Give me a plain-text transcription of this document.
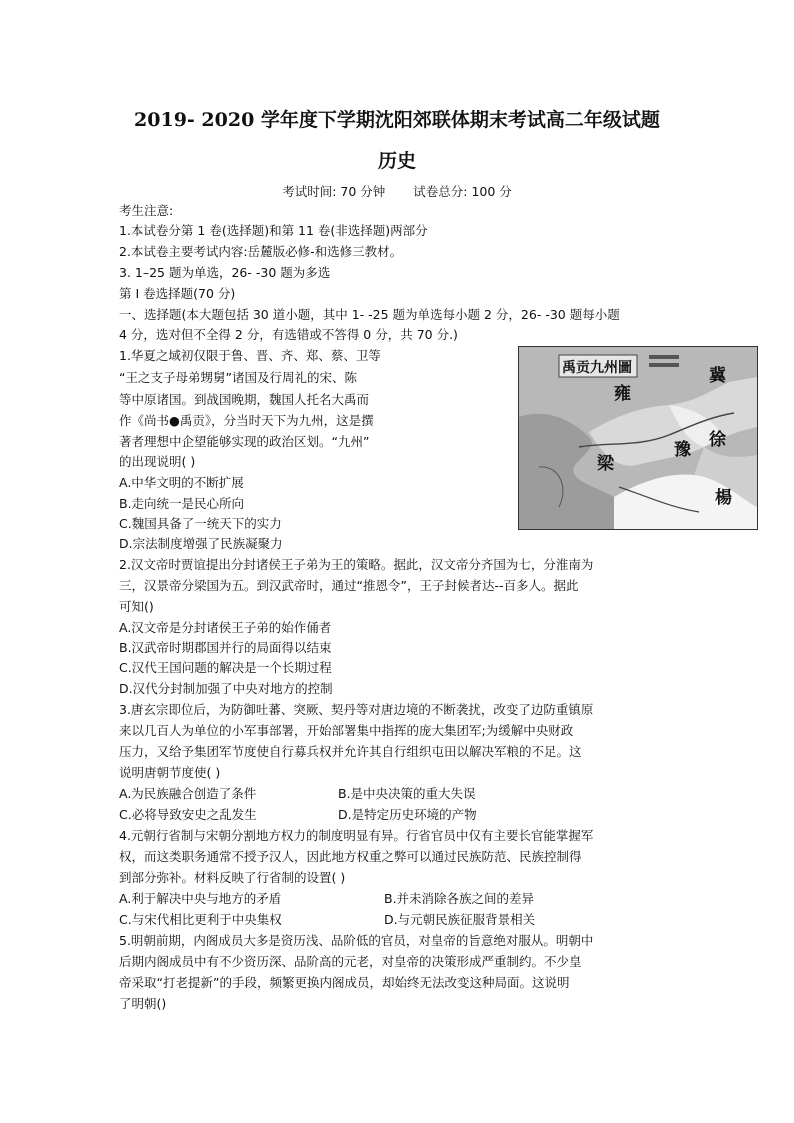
2019- 2020 学年度下学期沈阳郊联体期末考试高二年级试题
历史
考试时间: 70 分钟 试卷总分: 100 分
考生注意:
1.本试卷分第 1 卷(选择题)和第 11 卷(非选择题)两部分
2.本试卷主要考试内容:岳麓版必修-和选修三教材。
3. 1–25 题为单选，26- -30 题为多选
第 I 卷选择题(70 分)
一、选择题(本大题包括 30 道小题，其中 1- -25 题为单选每小题 2 分，26- -30 题每小题
4 分，选对但不全得 2 分，有选错或不答得 0 分，共 70 分.)
1.华夏之域初仅限于鲁、晋、齐、郑、蔡、卫等
“王之支子母弟甥舅”诸国及行周礼的宋、陈
等中原诸国。到战国晚期，魏国人托名大禹而
作《尚书●禹贡》，分当时天下为九州，这是撰
著者理想中企望能够实现的政治区划。“九州”
的出现说明( )
A.中华文明的不断扩展
B.走向统一是民心所向
C.魏国具备了一统天下的实力
D.宗法制度增强了民族凝聚力
禹贡九州圖	冀
雍
徐
豫
梁
楊
2.汉文帝时贾谊提出分封诸侯王子弟为王的策略。据此，汉文帝分齐国为七，分淮南为
三，汉景帝分梁国为五。到汉武帝时，通过“推恩令”，王子封候者达--百多人。据此
可知()
A.汉文帝是分封诸侯王子弟的始作俑者
B.汉武帝时期郡国并行的局面得以结束
C.汉代王国问题的解决是一个长期过程
D.汉代分封制加强了中央对地方的控制
3.唐玄宗即位后，为防御吐蕃、突厥、契丹等对唐边境的不断袭扰，改变了边防重镇原
来以几百人为单位的小军事部署，开始部署集中指挥的庞大集团军;为缓解中央财政
压力，又给予集团军节度使自行募兵权并允许其自行组织屯田以解决军粮的不足。这
说明唐朝节度使( )
A.为民族融合创造了条件	B.是中央决策的重大失误
C.必将导致安史之乱发生	D.是特定历史环境的产物
4.元朝行省制与宋朝分割地方权力的制度明显有异。行省官员中仅有主要长官能掌握军
权，而这类职务通常不授予汉人，因此地方权重之弊可以通过民族防范、民族控制得
到部分弥补。材料反映了行省制的设置( )
A.利于解决中央与地方的矛盾	B.并未消除各族之间的差异
C.与宋代相比更利于中央集权	D.与元朝民族征服背景相关
5.明朝前期，内阁成员大多是资历浅、品阶低的官员，对皇帝的旨意绝对服从。明朝中
后期内阁成员中有不少资历深、品阶高的元老，对皇帝的决策形成严重制约。不少皇
帝采取“打老提新”的手段，频繁更换内阁成员，却始终无法改变这种局面。这说明
了明朝()
